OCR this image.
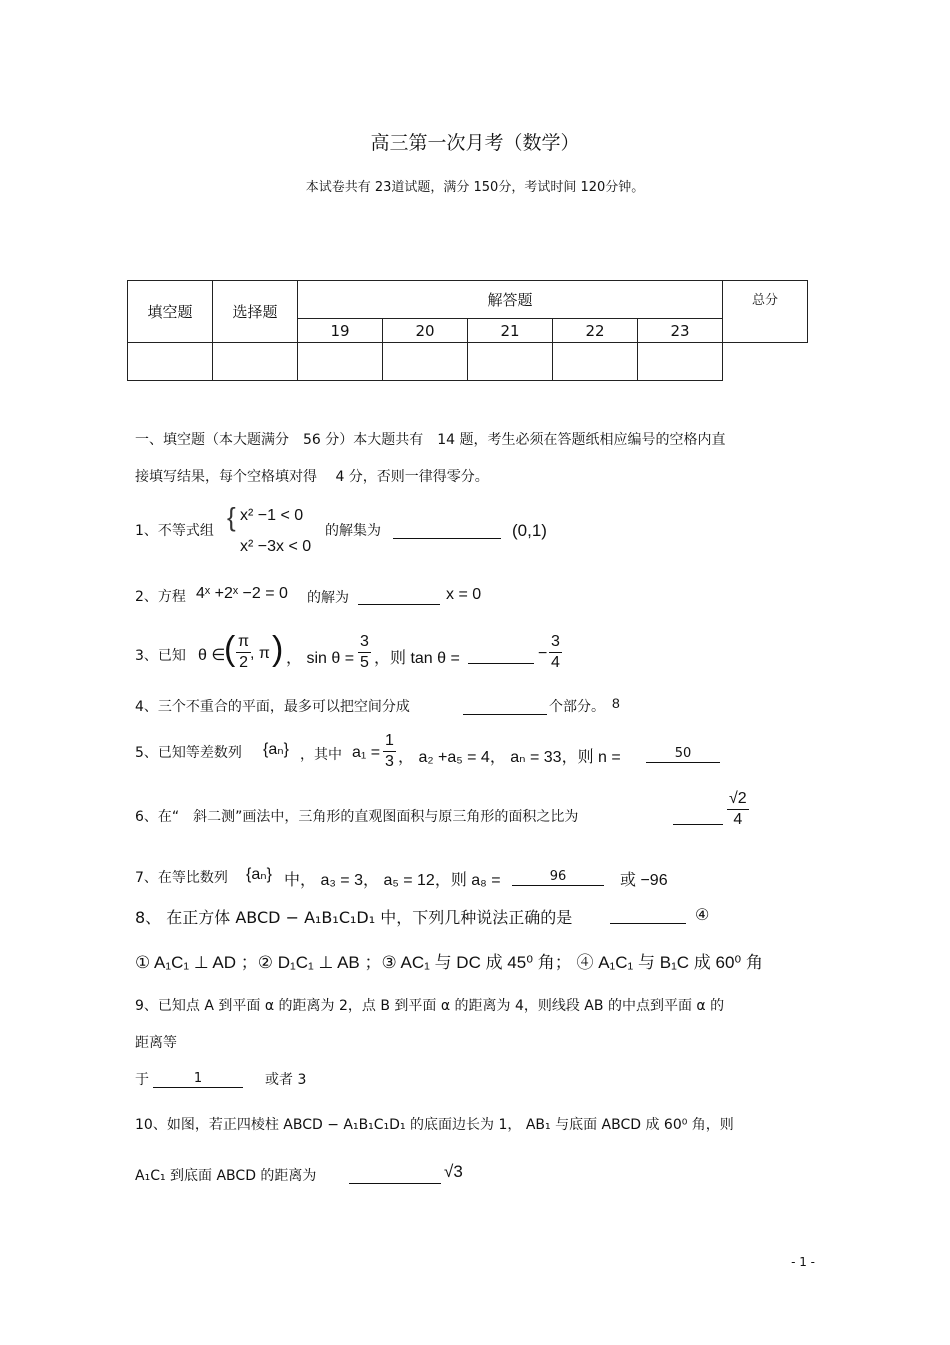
高三第一次月考（数学）
本试卷共有 23道试题，满分 150分，考试时间 120分钟。
填空题	选择题	解答题					总分
		19	20	21	22	23	

一、填空题（本大题满分　56 分）本大题共有　14 题，考生必须在答题纸相应编号的空格内直
接填写结果，每个空格填对得　 4 分，否则一律得零分。
1、不等式组 { x² −1 < 0
x² −3x < 0
的解集为	(0,1)
2、方程 4ˣ +2ˣ −2 = 0 的解为	x = 0
3、已知 θ ∈
( $\frac{\pi}{2}$
, π ) ， $\sin \theta = \frac{3}{5}$ ，则 tan θ =	− $\frac{3}{4}$
4、三个不重合的平面，最多可以把空间分成	个部分。 8
5、已知等差数列 {aₙ} ，其中 $a_1 = \frac{1}{3}$ ， a₂ +a₅ = 4， aₙ = 33，则 n =	50
6、在“　斜二测”画法中，三角形的直观图面积与原三角形的面积之比为	$\frac{√2}{4}$
7、在等比数列 {aₙ} 中， a₃ = 3， a₅ = 12，则 a₈ =	96	或 −96
8、 在正方体 ABCD − A₁B₁C₁D₁ 中，下列几种说法正确的是	④
① A₁C₁ ⊥ AD ；② D₁C₁ ⊥ AB ；③ AC₁ 与 DC 成 45⁰ 角； ④ A₁C₁ 与 B₁C 成 60⁰ 角
9、已知点 A 到平面 α 的距离为 2，点 B 到平面 α 的距离为 4，则线段 AB 的中点到平面 α 的
距离等
于	1	或者 3
10、如图，若正四棱柱 ABCD − A₁B₁C₁D₁ 的底面边长为 1， AB₁ 与底面 ABCD 成 60⁰ 角，则
A₁C₁ 到底面 ABCD 的距离为	√3
- 1 -
